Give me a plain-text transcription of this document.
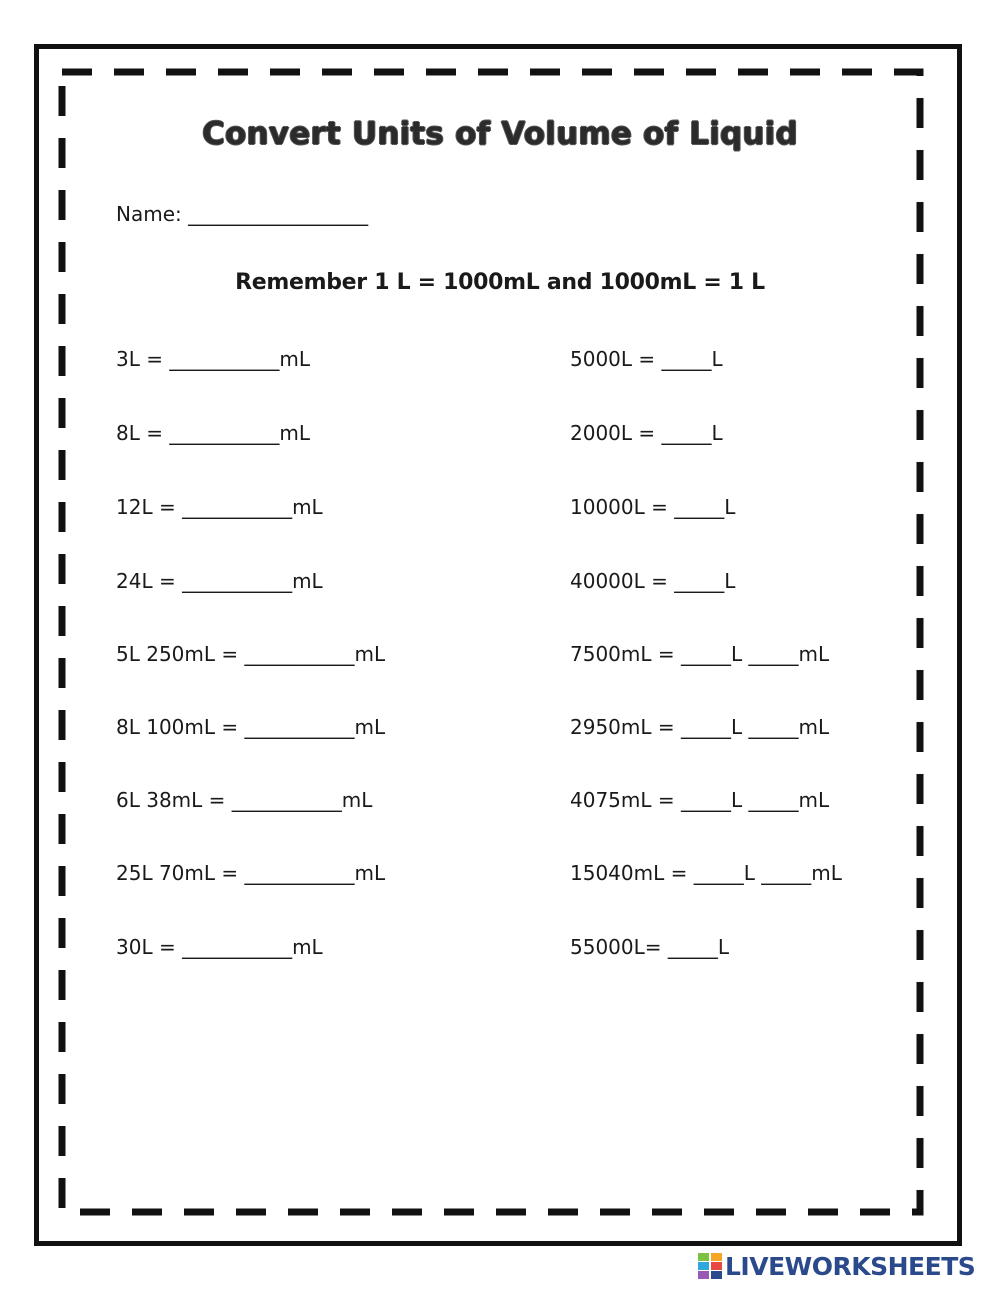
Convert Units of Volume of Liquid
Name: __________________
Remember 1 L = 1000mL and 1000mL = 1 L
3L = ___________mL
8L = ___________mL
12L = ___________mL
24L = ___________mL
5L 250mL = ___________mL
8L 100mL = ___________mL
6L 38mL = ___________mL
25L 70mL = ___________mL
30L = ___________mL
5000L = _____L
2000L = _____L
10000L = _____L
40000L = _____L
7500mL = _____L _____mL
2950mL = _____L _____mL
4075mL = _____L _____mL
15040mL = _____L _____mL
55000L= _____L
LIVEWORKSHEETS
